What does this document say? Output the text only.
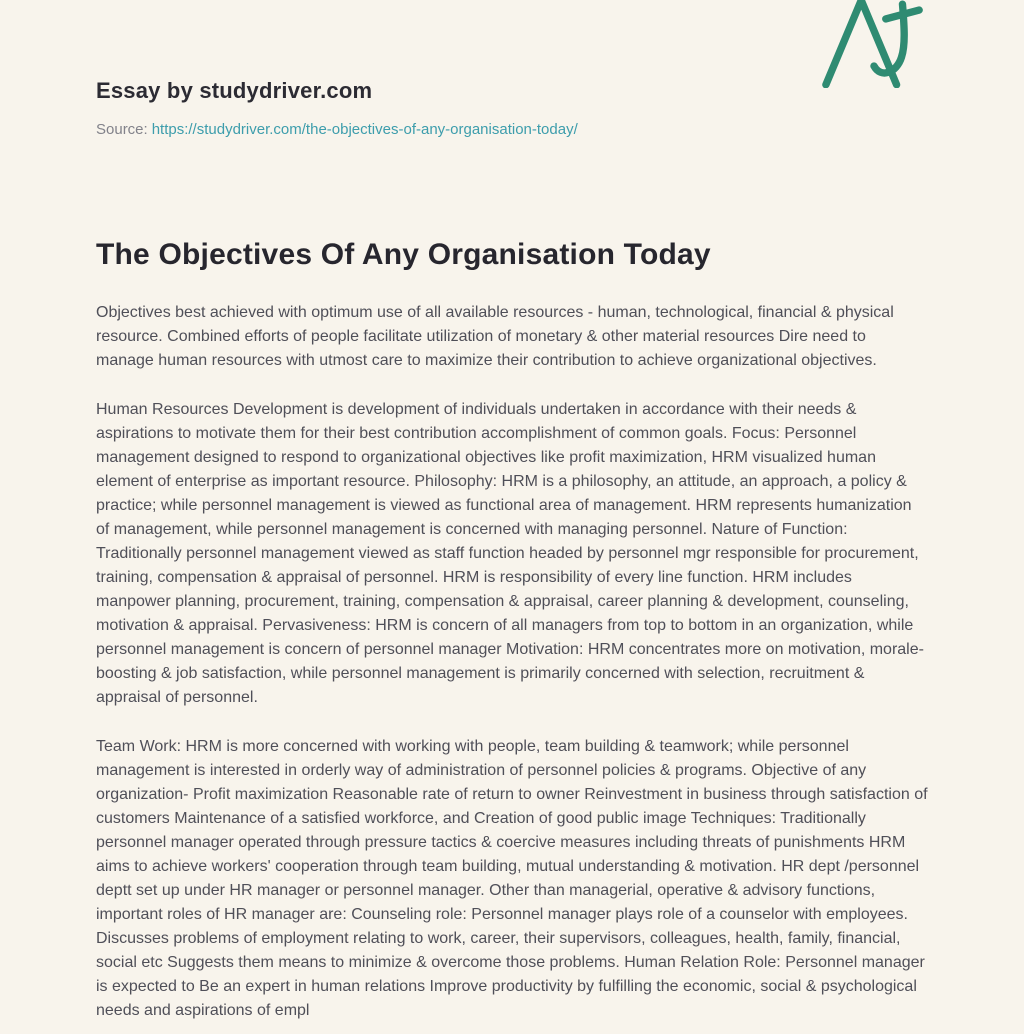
Essay by studydriver.com

Source: https://studydriver.com/the-objectives-of-any-organisation-today/

The Objectives Of Any Organisation Today

Objectives best achieved with optimum use of all available resources - human, technological, financial & physical resource. Combined efforts of people facilitate utilization of monetary & other material resources Dire need to manage human resources with utmost care to maximize their contribution to achieve organizational objectives.

Human Resources Development is development of individuals undertaken in accordance with their needs & aspirations to motivate them for their best contribution accomplishment of common goals. Focus: Personnel management designed to respond to organizational objectives like profit maximization, HRM visualized human element of enterprise as important resource. Philosophy: HRM is a philosophy, an attitude, an approach, a policy & practice; while personnel management is viewed as functional area of management. HRM represents humanization of management, while personnel management is concerned with managing personnel. Nature of Function: Traditionally personnel management viewed as staff function headed by personnel mgr responsible for procurement, training, compensation & appraisal of personnel. HRM is responsibility of every line function. HRM includes manpower planning, procurement, training, compensation & appraisal, career planning & development, counseling, motivation & appraisal. Pervasiveness: HRM is concern of all managers from top to bottom in an organization, while personnel management is concern of personnel manager Motivation: HRM concentrates more on motivation, morale-boosting & job satisfaction, while personnel management is primarily concerned with selection, recruitment & appraisal of personnel.

Team Work: HRM is more concerned with working with people, team building & teamwork; while personnel management is interested in orderly way of administration of personnel policies & programs. Objective of any organization- Profit maximization Reasonable rate of return to owner Reinvestment in business through satisfaction of customers Maintenance of a satisfied workforce, and Creation of good public image Techniques: Traditionally personnel manager operated through pressure tactics & coercive measures including threats of punishments HRM aims to achieve workers' cooperation through team building, mutual understanding & motivation. HR dept /personnel deptt set up under HR manager or personnel manager. Other than managerial, operative & advisory functions, important roles of HR manager are: Counseling role: Personnel manager plays role of a counselor with employees. Discusses problems of employment relating to work, career, their supervisors, colleagues, health, family, financial, social etc Suggests them means to minimize & overcome those problems. Human Relation Role: Personnel manager is expected to Be an expert in human relations Improve productivity by fulfilling the economic, social & psychological needs and aspirations of empl
